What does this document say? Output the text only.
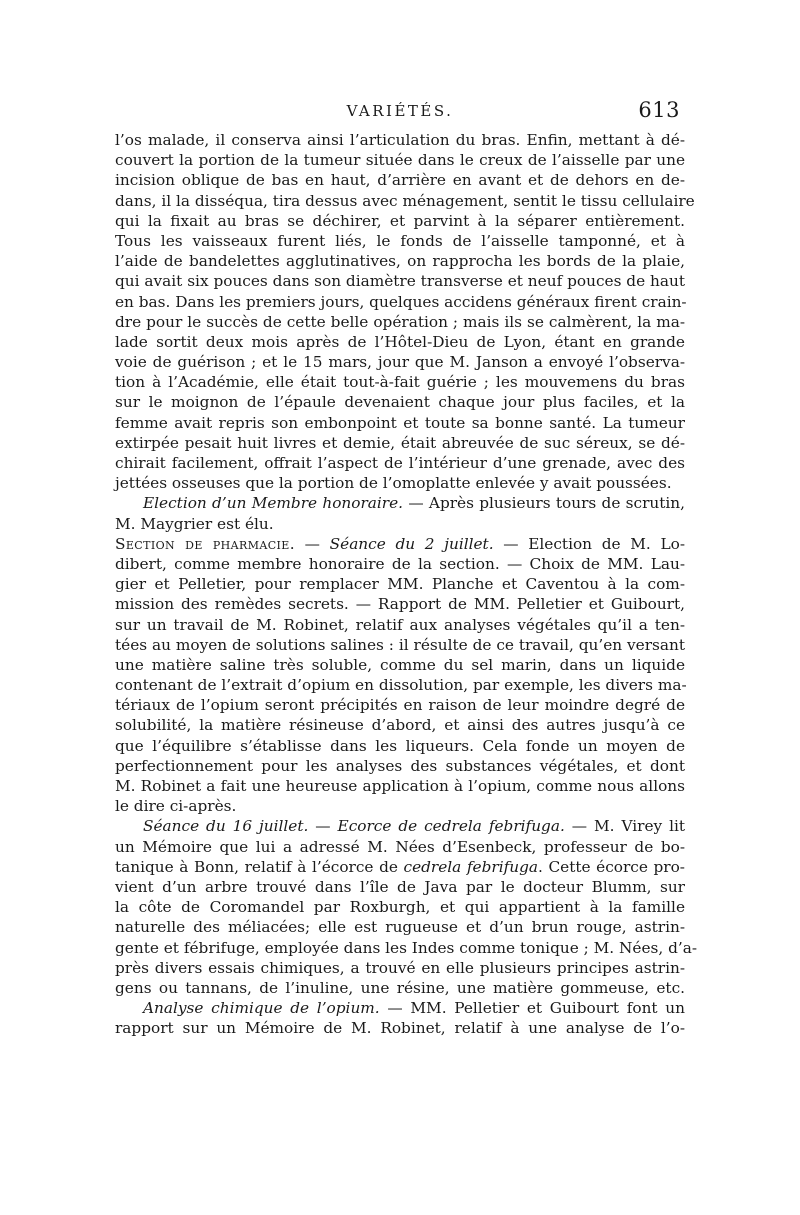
VARIÉTÉS.	613
l’os malade, il conserva ainsi l’articulation du bras. Enfin, mettant à dé-
couvert la portion de la tumeur située dans le creux de l’aisselle par une
incision oblique de bas en haut, d’arrière en avant et de dehors en de-
dans, il la disséqua, tira dessus avec ménagement, sentit le tissu cellulaire
qui la fixait au bras se déchirer, et parvint à la séparer entièrement.
Tous les vaisseaux furent liés, le fonds de l’aisselle tamponné, et à
l’aide de bandelettes agglutinatives, on rapprocha les bords de la plaie,
qui avait six pouces dans son diamètre transverse et neuf pouces de haut
en bas. Dans les premiers jours, quelques accidens généraux firent crain-
dre pour le succès de cette belle opération ; mais ils se calmèrent, la ma-
lade sortit deux mois après de l’Hôtel-Dieu de Lyon, étant en grande
voie de guérison ; et le 15 mars, jour que M. Janson a envoyé l’observa-
tion à l’Académie, elle était tout-à-fait guérie ; les mouvemens du bras
sur le moignon de l’épaule devenaient chaque jour plus faciles, et la
femme avait repris son embonpoint et toute sa bonne santé. La tumeur
extirpée pesait huit livres et demie, était abreuvée de suc séreux, se dé-
chirait facilement, offrait l’aspect de l’intérieur d’une grenade, avec des
jettées osseuses que la portion de l’omoplatte enlevée y avait poussées.
Election d’un Membre honoraire. — Après plusieurs tours de scrutin,
M. Maygrier est élu.
Section de pharmacie. — Séance du 2 juillet. — Election de M. Lo-
dibert, comme membre honoraire de la section. — Choix de MM. Lau-
gier et Pelletier, pour remplacer MM. Planche et Caventou à la com-
mission des remèdes secrets. — Rapport de MM. Pelletier et Guibourt,
sur un travail de M. Robinet, relatif aux analyses végétales qu’il a ten-
tées au moyen de solutions salines : il résulte de ce travail, qu’en versant
une matière saline très soluble, comme du sel marin, dans un liquide
contenant de l’extrait d’opium en dissolution, par exemple, les divers ma-
tériaux de l’opium seront précipités en raison de leur moindre degré de
solubilité, la matière résineuse d’abord, et ainsi des autres jusqu’à ce
que l’équilibre s’établisse dans les liqueurs. Cela fonde un moyen de
perfectionnement pour les analyses des substances végétales, et dont
M. Robinet a fait une heureuse application à l’opium, comme nous allons
le dire ci-après.
Séance du 16 juillet. — Ecorce de cedrela febrifuga. — M. Virey lit
un Mémoire que lui a adressé M. Nées d’Esenbeck, professeur de bo-
tanique à Bonn, relatif à l’écorce de cedrela febrifuga. Cette écorce pro-
vient d’un arbre trouvé dans l’île de Java par le docteur Blumm, sur
la côte de Coromandel par Roxburgh, et qui appartient à la famille
naturelle des méliacées; elle est rugueuse et d’un brun rouge, astrin-
gente et fébrifuge, employée dans les Indes comme tonique ; M. Nées, d’a-
près divers essais chimiques, a trouvé en elle plusieurs principes astrin-
gens ou tannans, de l’inuline, une résine, une matière gommeuse, etc.
Analyse chimique de l’opium. — MM. Pelletier et Guibourt font un
rapport sur un Mémoire de M. Robinet, relatif à une analyse de l’o-
